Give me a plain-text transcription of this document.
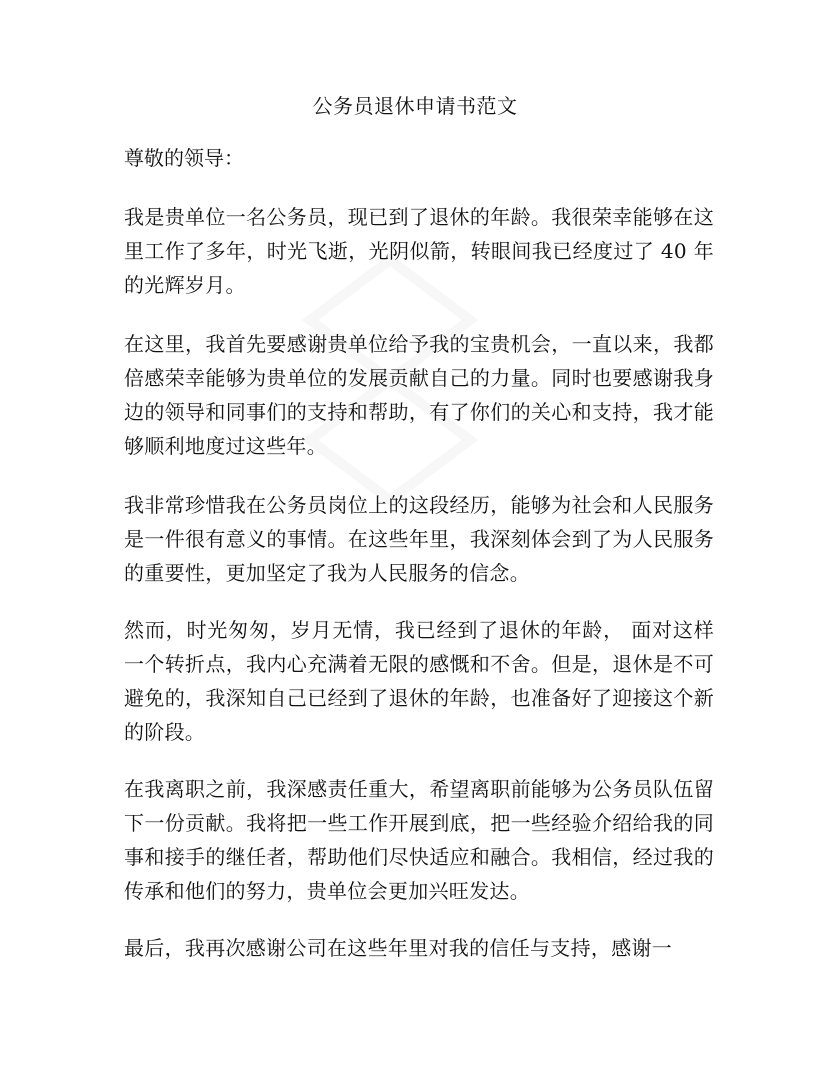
公务员退休申请书范文
尊敬的领导：
我是贵单位一名公务员，现已到了退休的年龄。我很荣幸能够在这里工作了多年，时光飞逝，光阴似箭，转眼间我已经度过了 40 年的光辉岁月。
在这里，我首先要感谢贵单位给予我的宝贵机会，一直以来，我都倍感荣幸能够为贵单位的发展贡献自己的力量。同时也要感谢我身边的领导和同事们的支持和帮助，有了你们的关心和支持，我才能够顺利地度过这些年。
我非常珍惜我在公务员岗位上的这段经历，能够为社会和人民服务是一件很有意义的事情。在这些年里，我深刻体会到了为人民服务的重要性，更加坚定了我为人民服务的信念。
然而，时光匆匆，岁月无情，我已经到了退休的年龄， 面对这样一个转折点，我内心充满着无限的感慨和不舍。但是，退休是不可避免的，我深知自己已经到了退休的年龄，也准备好了迎接这个新的阶段。
在我离职之前，我深感责任重大，希望离职前能够为公务员队伍留下一份贡献。我将把一些工作开展到底，把一些经验介绍给我的同事和接手的继任者，帮助他们尽快适应和融合。我相信，经过我的传承和他们的努力，贵单位会更加兴旺发达。
最后，我再次感谢公司在这些年里对我的信任与支持，感谢一
